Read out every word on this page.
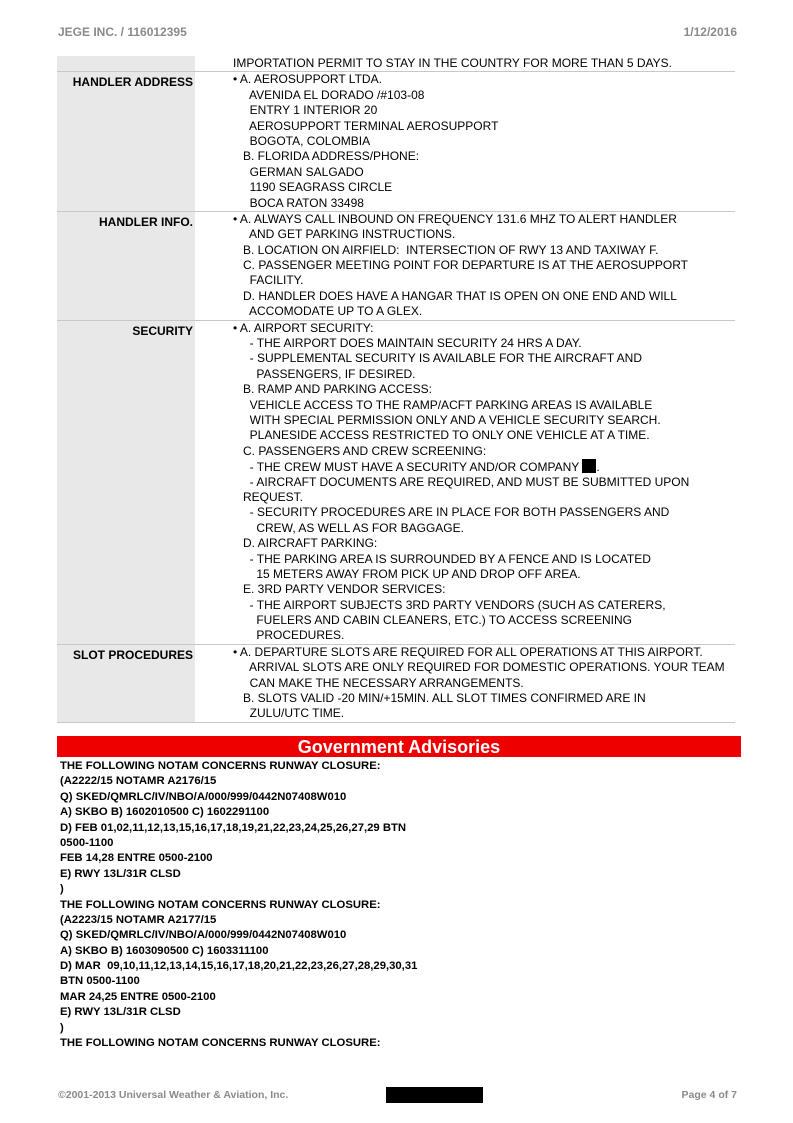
JEGE INC. / 116012395	1/12/2016
IMPORTATION PERMIT TO STAY IN THE COUNTRY FOR MORE THAN 5 DAYS.
HANDLER ADDRESS	• A. AEROSUPPORT LTDA.
AVENIDA EL DORADO /#103-08
ENTRY 1 INTERIOR 20
AEROSUPPORT TERMINAL AEROSUPPORT
BOGOTA, COLOMBIA
B. FLORIDA ADDRESS/PHONE:
GERMAN SALGADO
1190 SEAGRASS CIRCLE
BOCA RATON 33498
HANDLER INFO.	• A. ALWAYS CALL INBOUND ON FREQUENCY 131.6 MHZ TO ALERT HANDLER
AND GET PARKING INSTRUCTIONS.
B. LOCATION ON AIRFIELD:  INTERSECTION OF RWY 13 AND TAXIWAY F.
C. PASSENGER MEETING POINT FOR DEPARTURE IS AT THE AEROSUPPORT
FACILITY.
D. HANDLER DOES HAVE A HANGAR THAT IS OPEN ON ONE END AND WILL
ACCOMODATE UP TO A GLEX.
SECURITY	• A. AIRPORT SECURITY:
- THE AIRPORT DOES MAINTAIN SECURITY 24 HRS A DAY.
- SUPPLEMENTAL SECURITY IS AVAILABLE FOR THE AIRCRAFT AND
PASSENGERS, IF DESIRED.
B. RAMP AND PARKING ACCESS:
VEHICLE ACCESS TO THE RAMP/ACFT PARKING AREAS IS AVAILABLE
WITH SPECIAL PERMISSION ONLY AND A VEHICLE SECURITY SEARCH.
PLANESIDE ACCESS RESTRICTED TO ONLY ONE VEHICLE AT A TIME.
C. PASSENGERS AND CREW SCREENING:
- THE CREW MUST HAVE A SECURITY AND/OR COMPANY .
- AIRCRAFT DOCUMENTS ARE REQUIRED, AND MUST BE SUBMITTED UPON
REQUEST.
- SECURITY PROCEDURES ARE IN PLACE FOR BOTH PASSENGERS AND
CREW, AS WELL AS FOR BAGGAGE.
D. AIRCRAFT PARKING:
- THE PARKING AREA IS SURROUNDED BY A FENCE AND IS LOCATED
15 METERS AWAY FROM PICK UP AND DROP OFF AREA.
E. 3RD PARTY VENDOR SERVICES:
- THE AIRPORT SUBJECTS 3RD PARTY VENDORS (SUCH AS CATERERS,
FUELERS AND CABIN CLEANERS, ETC.) TO ACCESS SCREENING
PROCEDURES.
SLOT PROCEDURES	• A. DEPARTURE SLOTS ARE REQUIRED FOR ALL OPERATIONS AT THIS AIRPORT.
ARRIVAL SLOTS ARE ONLY REQUIRED FOR DOMESTIC OPERATIONS. YOUR TEAM
CAN MAKE THE NECESSARY ARRANGEMENTS.
B. SLOTS VALID -20 MIN/+15MIN. ALL SLOT TIMES CONFIRMED ARE IN
ZULU/UTC TIME.
Government Advisories
THE FOLLOWING NOTAM CONCERNS RUNWAY CLOSURE:
(A2222/15 NOTAMR A2176/15
Q) SKED/QMRLC/IV/NBO/A/000/999/0442N07408W010
A) SKBO B) 1602010500 C) 1602291100
D) FEB 01,02,11,12,13,15,16,17,18,19,21,22,23,24,25,26,27,29 BTN
0500-1100
FEB 14,28 ENTRE 0500-2100
E) RWY 13L/31R CLSD
)
THE FOLLOWING NOTAM CONCERNS RUNWAY CLOSURE:
(A2223/15 NOTAMR A2177/15
Q) SKED/QMRLC/IV/NBO/A/000/999/0442N07408W010
A) SKBO B) 1603090500 C) 1603311100
D) MAR  09,10,11,12,13,14,15,16,17,18,20,21,22,23,26,27,28,29,30,31
BTN 0500-1100
MAR 24,25 ENTRE 0500-2100
E) RWY 13L/31R CLSD
)
THE FOLLOWING NOTAM CONCERNS RUNWAY CLOSURE:
©2001-2013 Universal Weather & Aviation, Inc.	Page 4 of 7
